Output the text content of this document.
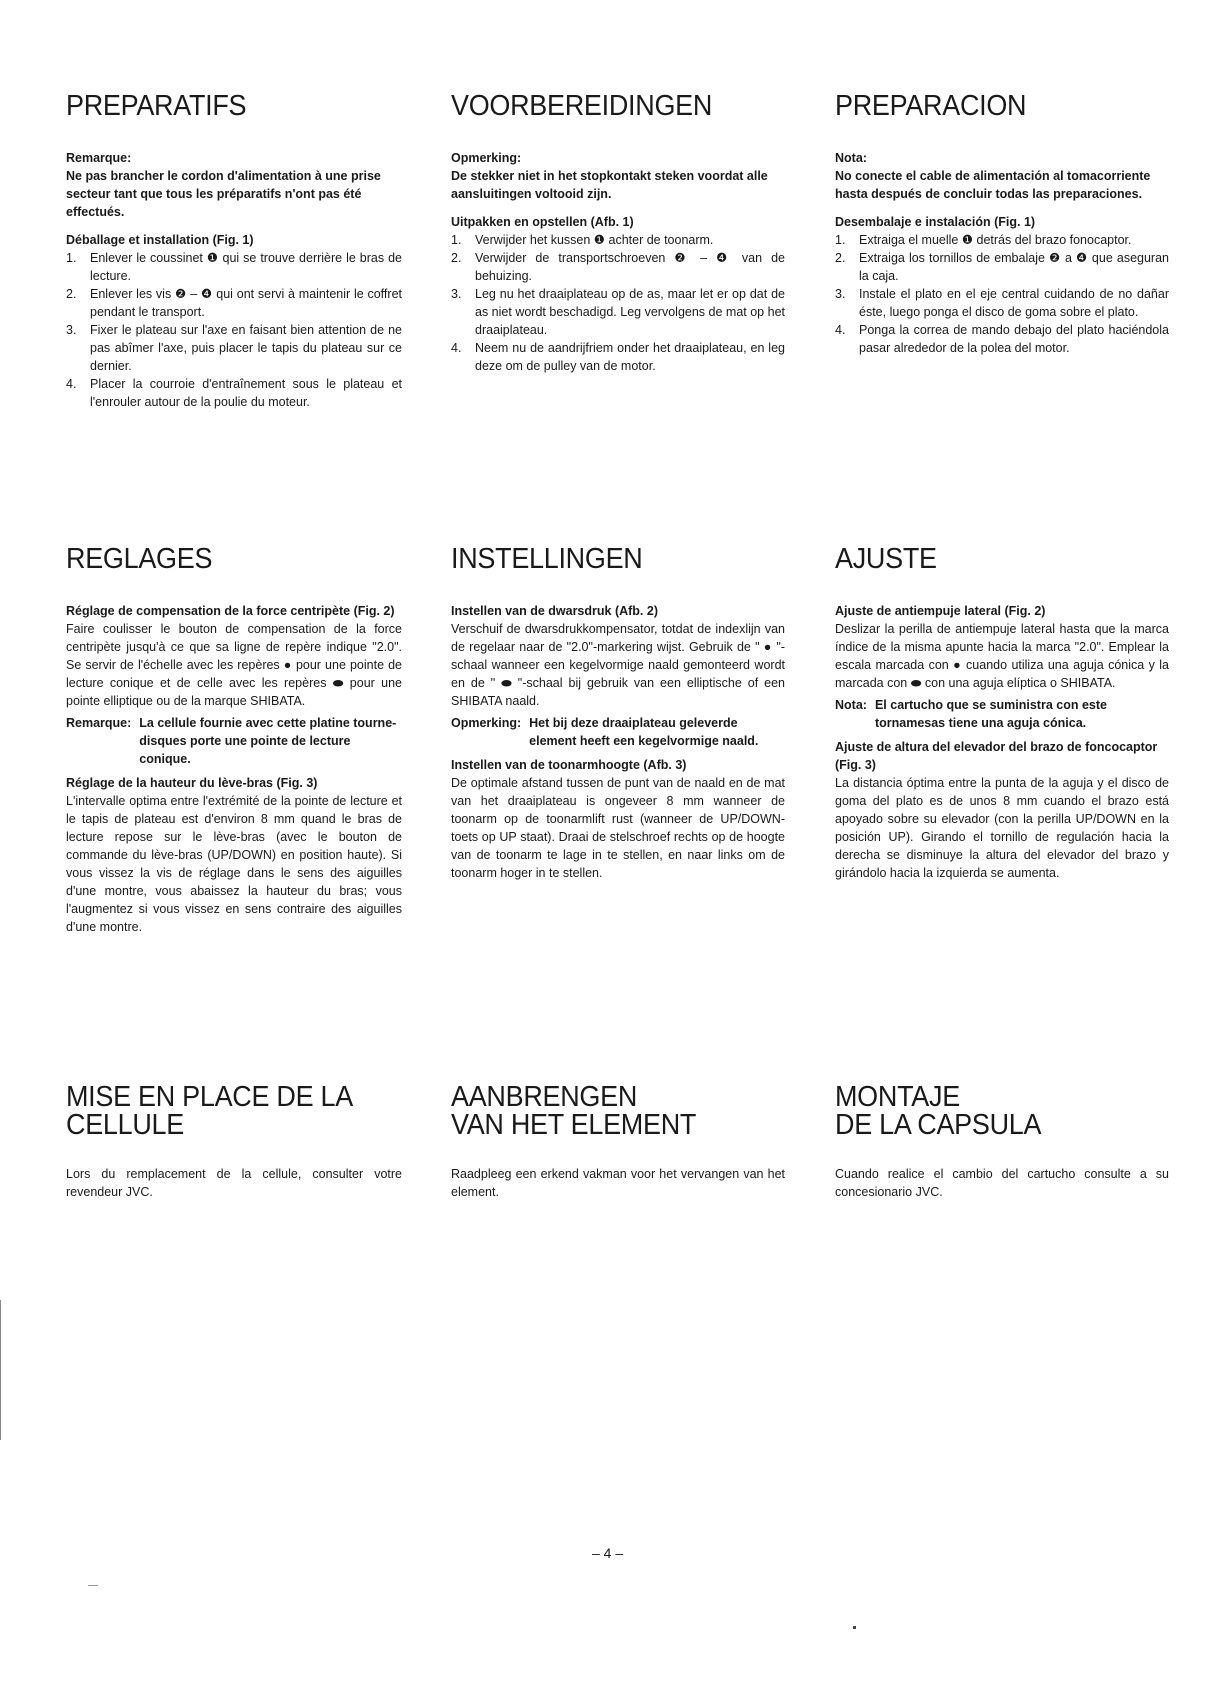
PREPARATIFS
Remarque:
Ne pas brancher le cordon d'alimentation à une prise secteur tant que tous les préparatifs n'ont pas été effectués.
Déballage et installation (Fig. 1)
1. Enlever le coussinet ❶ qui se trouve derrière le bras de lecture.
2. Enlever les vis ❷ – ❹ qui ont servi à maintenir le coffret pendant le transport.
3. Fixer le plateau sur l'axe en faisant bien attention de ne pas abîmer l'axe, puis placer le tapis du plateau sur ce dernier.
4. Placer la courroie d'entraînement sous le plateau et l'enrouler autour de la poulie du moteur.
VOORBEREIDINGEN
Opmerking:
De stekker niet in het stopkontakt steken voordat alle aansluitingen voltooid zijn.
Uitpakken en opstellen (Afb. 1)
1. Verwijder het kussen ❶ achter de toonarm.
2. Verwijder de transportschroeven ❷ – ❹ van de behuizing.
3. Leg nu het draaiplateau op de as, maar let er op dat de as niet wordt beschadigd. Leg vervolgens de mat op het draaiplateau.
4. Neem nu de aandrijfriem onder het draaiplateau, en leg deze om de pulley van de motor.
PREPARACION
Nota:
No conecte el cable de alimentación al tomacorriente hasta después de concluir todas las preparaciones.
Desembalaje e instalación (Fig. 1)
1. Extraiga el muelle ❶ detrás del brazo fonocaptor.
2. Extraiga los tornillos de embalaje ❷ a ❹ que aseguran la caja.
3. Instale el plato en el eje central cuidando de no dañar éste, luego ponga el disco de goma sobre el plato.
4. Ponga la correa de mando debajo del plato haciéndola pasar alrededor de la polea del motor.
REGLAGES
Réglage de compensation de la force centripète (Fig. 2)

Faire coulisser le bouton de compensation de la force centripète jusqu'à ce que sa ligne de repère indique "2.0". Se servir de l'échelle avec les repères ● pour une pointe de lecture conique et de celle avec les repères ⬬ pour une pointe elliptique ou de la marque SHIBATA.

Remarque: La cellule fournie avec cette platine tourne-disques porte une pointe de lecture conique.
Réglage de la hauteur du lève-bras (Fig. 3)

L'intervalle optima entre l'extrémité de la pointe de lecture et le tapis de plateau est d'environ 8 mm quand le bras de lecture repose sur le lève-bras (avec le bouton de commande du lève-bras (UP/DOWN) en position haute). Si vous vissez la vis de réglage dans le sens des aiguilles d'une montre, vous abaissez la hauteur du bras; vous l'augmentez si vous vissez en sens contraire des aiguilles d'une montre.

INSTELLINGEN
Instellen van de dwarsdruk (Afb. 2)

Verschuif de dwarsdrukkompensator, totdat de indexlijn van de regelaar naar de "2.0"-markering wijst. Gebruik de " ● "-schaal wanneer een kegelvormige naald gemonteerd wordt en de " ⬬ "-schaal bij gebruik van een elliptische of een SHIBATA naald.

Opmerking: Het bij deze draaiplateau geleverde element heeft een kegelvormige naald.
Instellen van de toonarmhoogte (Afb. 3)

De optimale afstand tussen de punt van de naald en de mat van het draaiplateau is ongeveer 8 mm wanneer de toonarm op de toonarmlift rust (wanneer de UP/DOWN-toets op UP staat). Draai de stelschroef rechts op de hoogte van de toonarm te lage in te stellen, en naar links om de toonarm hoger in te stellen.

AJUSTE
Ajuste de antiempuje lateral (Fig. 2)

Deslizar la perilla de antiempuje lateral hasta que la marca índice de la misma apunte hacia la marca "2.0". Emplear la escala marcada con ● cuando utiliza una aguja cónica y la marcada con ⬬ con una aguja elíptica o SHIBATA.

Nota: El cartucho que se suministra con este tornamesas tiene una aguja cónica.
Ajuste de altura del elevador del brazo de foncocaptor (Fig. 3)

La distancia óptima entre la punta de la aguja y el disco de goma del plato es de unos 8 mm cuando el brazo está apoyado sobre su elevador (con la perilla UP/DOWN en la posición UP). Girando el tornillo de regulación hacia la derecha se disminuye la altura del elevador del brazo y girándolo hacia la izquierda se aumenta.

MISE EN PLACE DE LA
CELLULE

Lors du remplacement de la cellule, consulter votre revendeur JVC.

AANBRENGEN
VAN HET ELEMENT

Raadpleeg een erkend vakman voor het vervangen van het element.

MONTAJE
DE LA CAPSULA

Cuando realice el cambio del cartucho consulte a su concesionario JVC.

– 4 –
